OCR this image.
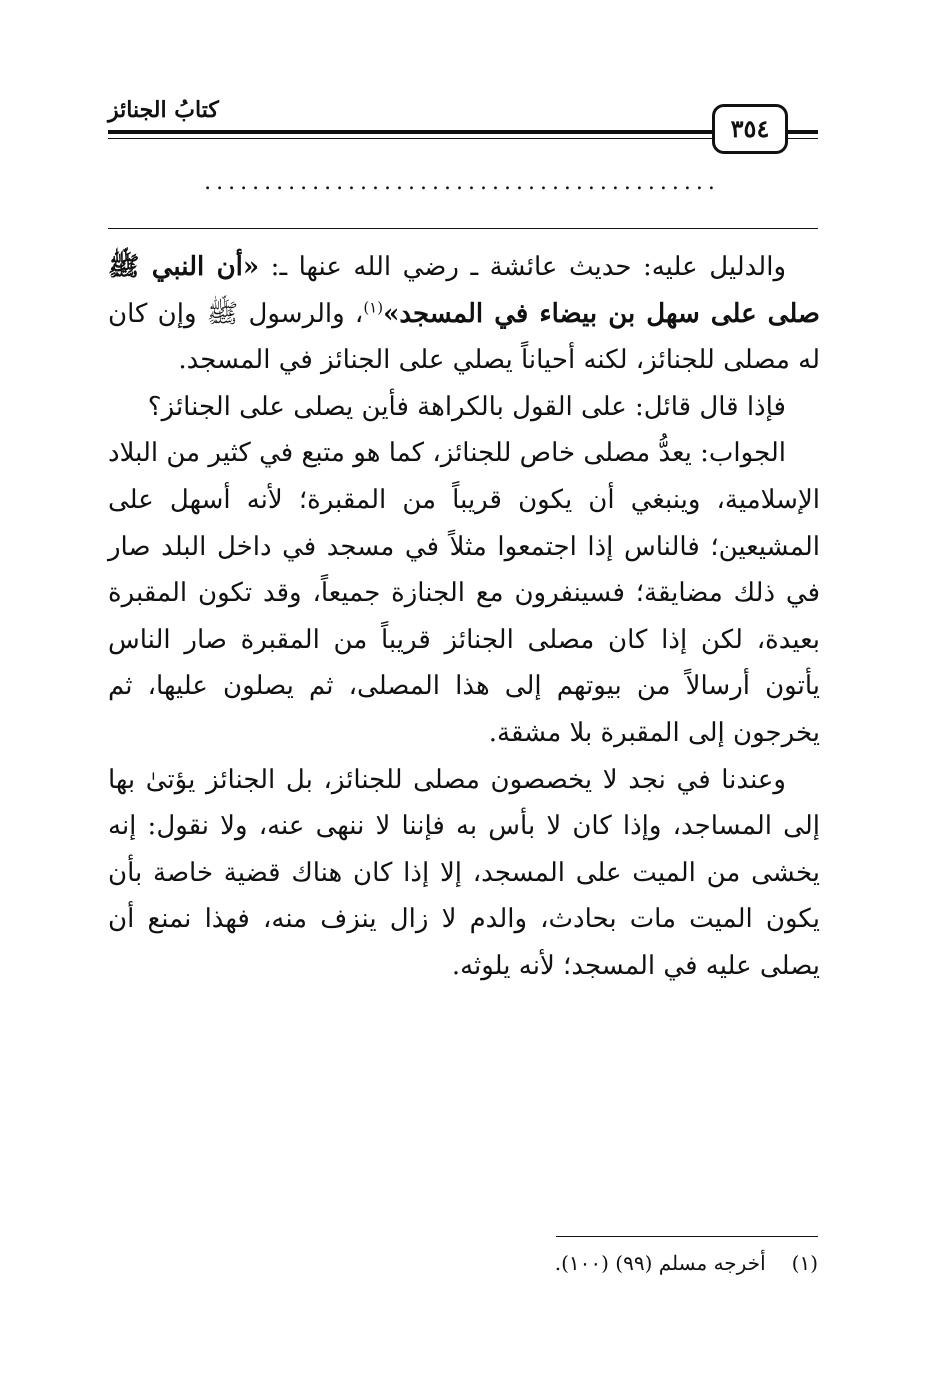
كتابُ الجنائز
٣٥٤
...........................................

والدليل عليه: حديث عائشة ـ رضي الله عنها ـ: «أن النبي ﷺ صلى على سهل بن بيضاء في المسجد»$^{(١)}$، والرسول ﷺ وإن كان له مصلى للجنائز، لكنه أحياناً يصلي على الجنائز في المسجد.

فإذا قال قائل: على القول بالكراهة فأين يصلى على الجنائز؟

الجواب: يعدُّ مصلى خاص للجنائز، كما هو متبع في كثير من البلاد الإسلامية، وينبغي أن يكون قريباً من المقبرة؛ لأنه أسهل على المشيعين؛ فالناس إذا اجتمعوا مثلاً في مسجد في داخل البلد صار في ذلك مضايقة؛ فسينفرون مع الجنازة جميعاً، وقد تكون المقبرة بعيدة، لكن إذا كان مصلى الجنائز قريباً من المقبرة صار الناس يأتون أرسالاً من بيوتهم إلى هذا المصلى، ثم يصلون عليها، ثم يخرجون إلى المقبرة بلا مشقة.

وعندنا في نجد لا يخصصون مصلى للجنائز، بل الجنائز يؤتىٰ بها إلى المساجد، وإذا كان لا بأس به فإننا لا ننهى عنه، ولا نقول: إنه يخشى من الميت على المسجد، إلا إذا كان هناك قضية خاصة بأن يكون الميت مات بحادث، والدم لا زال ينزف منه، فهذا نمنع أن يصلى عليه في المسجد؛ لأنه يلوثه.

(١)أخرجه مسلم (٩٩) (١٠٠).
